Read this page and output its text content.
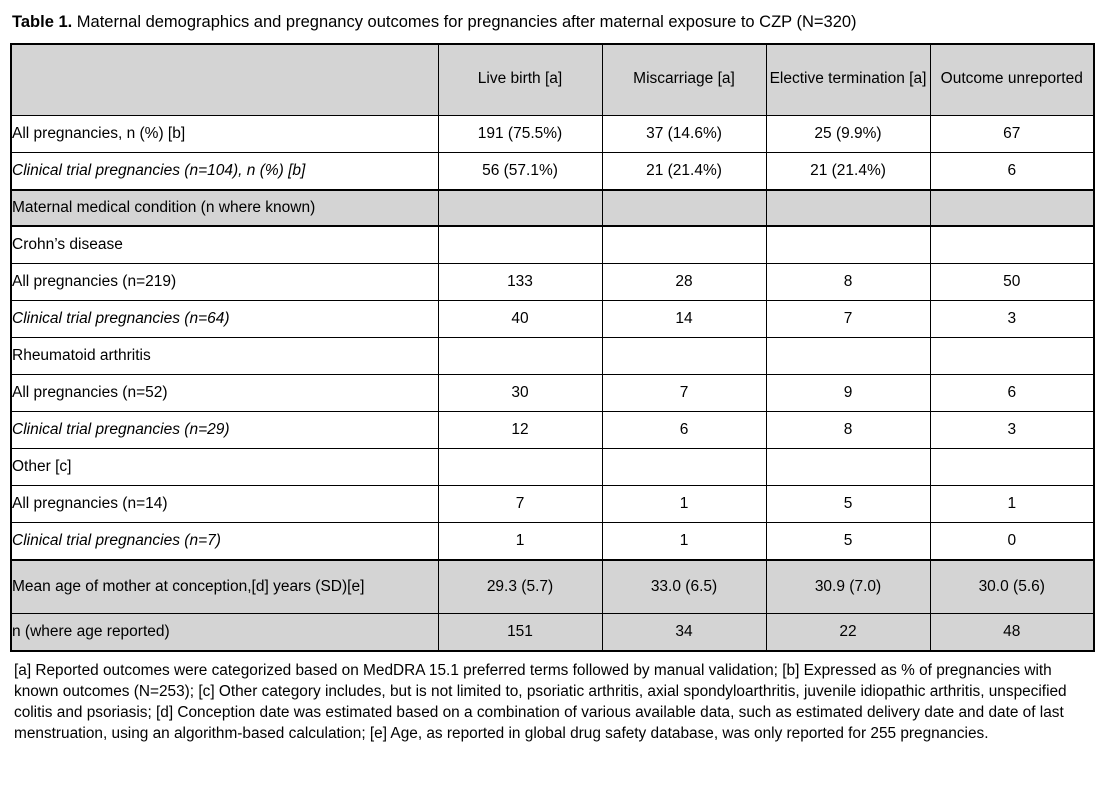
Table 1. Maternal demographics and pregnancy outcomes for pregnancies after maternal exposure to CZP (N=320)
	Live birth [a]	Miscarriage [a]	Elective termination [a]	Outcome unreported
All pregnancies, n (%) [b]	191 (75.5%)	37 (14.6%)	25 (9.9%)	67
Clinical trial pregnancies (n=104), n (%) [b]	56 (57.1%)	21 (21.4%)	21 (21.4%)	6
Maternal medical condition (n where known)				
Crohn’s disease				
All pregnancies (n=219)	133	28	8	50
Clinical trial pregnancies (n=64)	40	14	7	3
Rheumatoid arthritis				
All pregnancies (n=52)	30	7	9	6
Clinical trial pregnancies (n=29)	12	6	8	3
Other [c]				
All pregnancies (n=14)	7	1	5	1
Clinical trial pregnancies (n=7)	1	1	5	0
Mean age of mother at conception,[d] years (SD)[e]	29.3 (5.7)	33.0 (6.5)	30.9 (7.0)	30.0 (5.6)
n (where age reported)	151	34	22	48
[a] Reported outcomes were categorized based on MedDRA 15.1 preferred terms followed by manual validation; [b] Expressed as % of pregnancies with known outcomes (N=253); [c] Other category includes, but is not limited to, psoriatic arthritis, axial spondyloarthritis, juvenile idiopathic arthritis, unspecified colitis and psoriasis; [d] Conception date was estimated based on a combination of various available data, such as estimated delivery date and date of last menstruation, using an algorithm-based calculation; [e] Age, as reported in global drug safety database, was only reported for 255 pregnancies.
